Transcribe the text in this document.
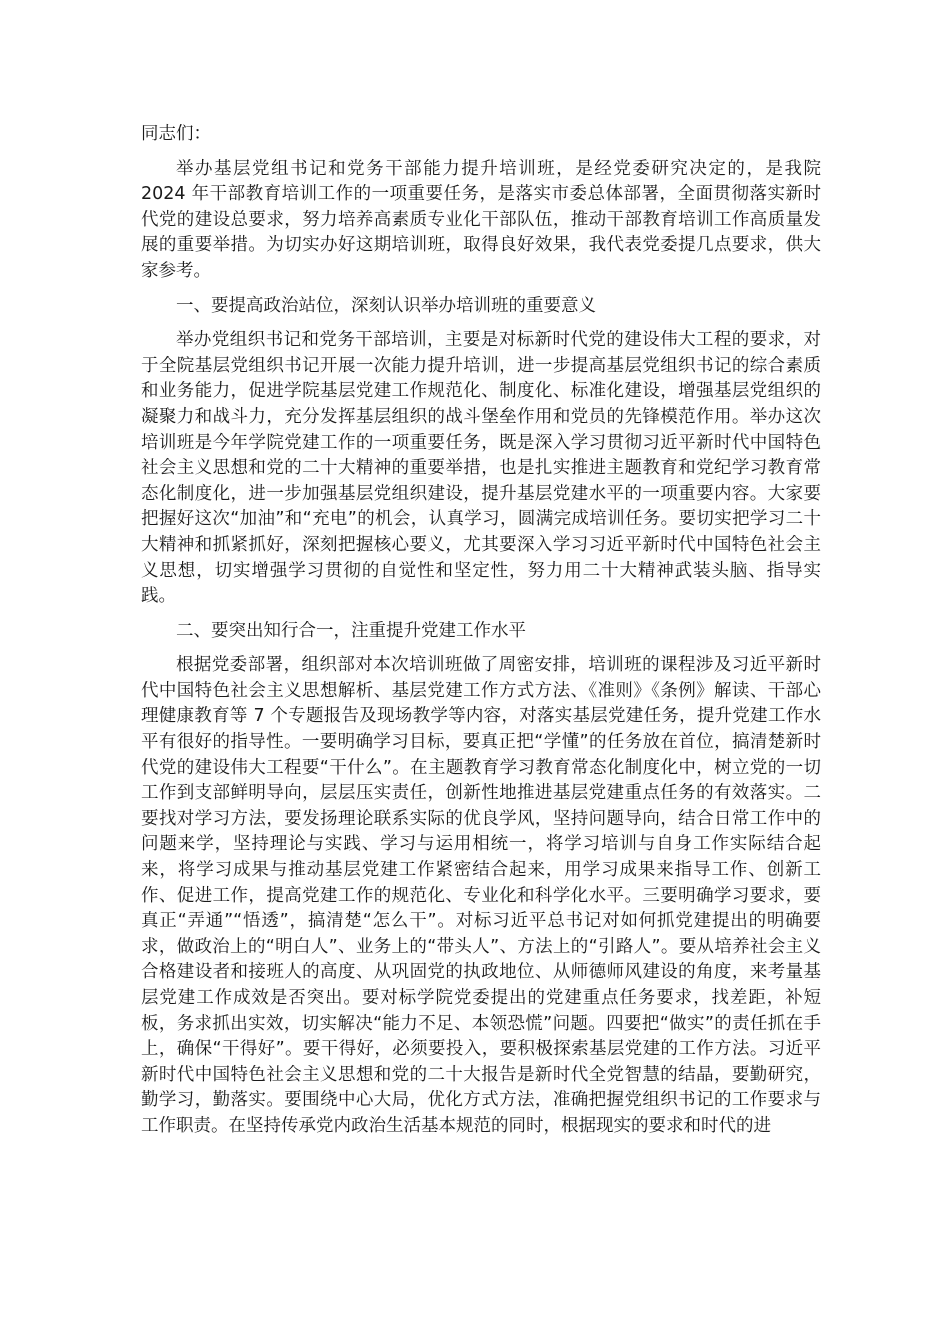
同志们：

举办基层党组书记和党务干部能力提升培训班，是经党委研究决定的，是我院 2024 年干部教育培训工作的一项重要任务，是落实市委总体部署，全面贯彻落实新时代党的建设总要求，努力培养高素质专业化干部队伍，推动干部教育培训工作高质量发展的重要举措。为切实办好这期培训班，取得良好效果，我代表党委提几点要求，供大家参考。

一、要提高政治站位，深刻认识举办培训班的重要意义

举办党组织书记和党务干部培训，主要是对标新时代党的建设伟大工程的要求，对于全院基层党组织书记开展一次能力提升培训，进一步提高基层党组织书记的综合素质和业务能力，促进学院基层党建工作规范化、制度化、标准化建设，增强基层党组织的凝聚力和战斗力，充分发挥基层组织的战斗堡垒作用和党员的先锋模范作用。举办这次培训班是今年学院党建工作的一项重要任务，既是深入学习贯彻习近平新时代中国特色社会主义思想和党的二十大精神的重要举措，也是扎实推进主题教育和党纪学习教育常态化制度化，进一步加强基层党组织建设，提升基层党建水平的一项重要内容。大家要把握好这次“加油”和“充电”的机会，认真学习，圆满完成培训任务。要切实把学习二十大精神和抓紧抓好，深刻把握核心要义，尤其要深入学习习近平新时代中国特色社会主义思想，切实增强学习贯彻的自觉性和坚定性，努力用二十大精神武装头脑、指导实践。

二、要突出知行合一，注重提升党建工作水平

根据党委部署，组织部对本次培训班做了周密安排，培训班的课程涉及习近平新时代中国特色社会主义思想解析、基层党建工作方式方法、《准则》《条例》解读、干部心理健康教育等 7 个专题报告及现场教学等内容，对落实基层党建任务，提升党建工作水平有很好的指导性。一要明确学习目标，要真正把“学懂”的任务放在首位，搞清楚新时代党的建设伟大工程要“干什么”。在主题教育学习教育常态化制度化中，树立党的一切工作到支部鲜明导向，层层压实责任，创新性地推进基层党建重点任务的有效落实。二要找对学习方法，要发扬理论联系实际的优良学风，坚持问题导向，结合日常工作中的问题来学，坚持理论与实践、学习与运用相统一，将学习培训与自身工作实际结合起来，将学习成果与推动基层党建工作紧密结合起来，用学习成果来指导工作、创新工作、促进工作，提高党建工作的规范化、专业化和科学化水平。三要明确学习要求，要真正“弄通”“悟透”，搞清楚“怎么干”。对标习近平总书记对如何抓党建提出的明确要求，做政治上的“明白人”、业务上的“带头人”、方法上的“引路人”。要从培养社会主义合格建设者和接班人的高度、从巩固党的执政地位、从师德师风建设的角度，来考量基层党建工作成效是否突出。要对标学院党委提出的党建重点任务要求，找差距，补短板，务求抓出实效，切实解决“能力不足、本领恐慌”问题。四要把“做实”的责任抓在手上，确保“干得好”。要干得好，必须要投入，要积极探索基层党建的工作方法。习近平新时代中国特色社会主义思想和党的二十大报告是新时代全党智慧的结晶，要勤研究，勤学习，勤落实。要围绕中心大局，优化方式方法，准确把握党组织书记的工作要求与工作职责。在坚持传承党内政治生活基本规范的同时，根据现实的要求和时代的进
